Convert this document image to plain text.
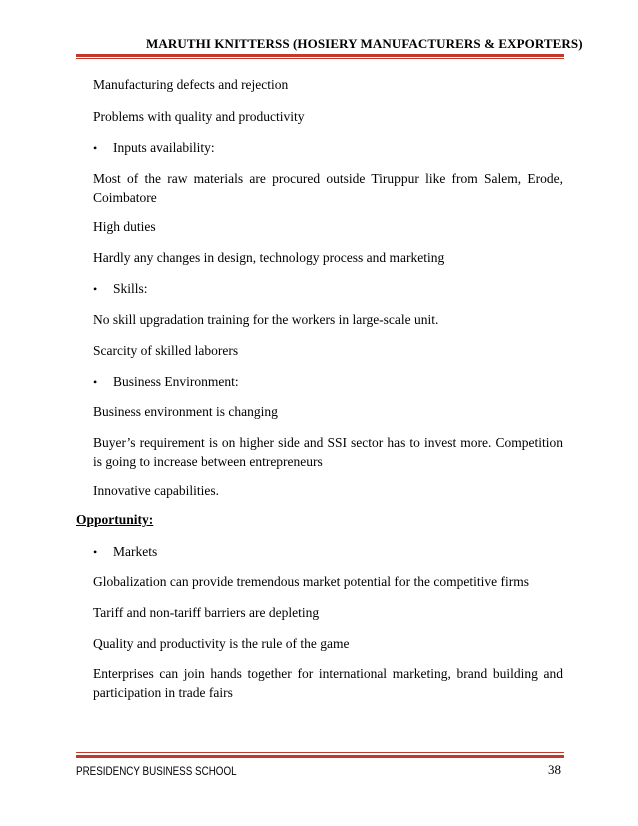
MARUTHI KNITTERSS (HOSIERY MANUFACTURERS & EXPORTERS)
Manufacturing defects and rejection
Problems with quality and productivity
• Inputs availability:
Most of the raw materials are procured outside Tiruppur like from Salem, Erode, Coimbatore
High duties
Hardly any changes in design, technology process and marketing
• Skills:
No skill upgradation training for the workers in large-scale unit.
Scarcity of skilled laborers
• Business Environment:
Business environment is changing
Buyer’s requirement is on higher side and SSI sector has to invest more. Competition is going to increase between entrepreneurs
Innovative capabilities.
Opportunity:
• Markets
Globalization can provide tremendous market potential for the competitive firms
Tariff and non-tariff barriers are depleting
Quality and productivity is the rule of the game
Enterprises can join hands together for international marketing, brand building and participation in trade fairs
PRESIDENCY BUSINESS SCHOOL	38
